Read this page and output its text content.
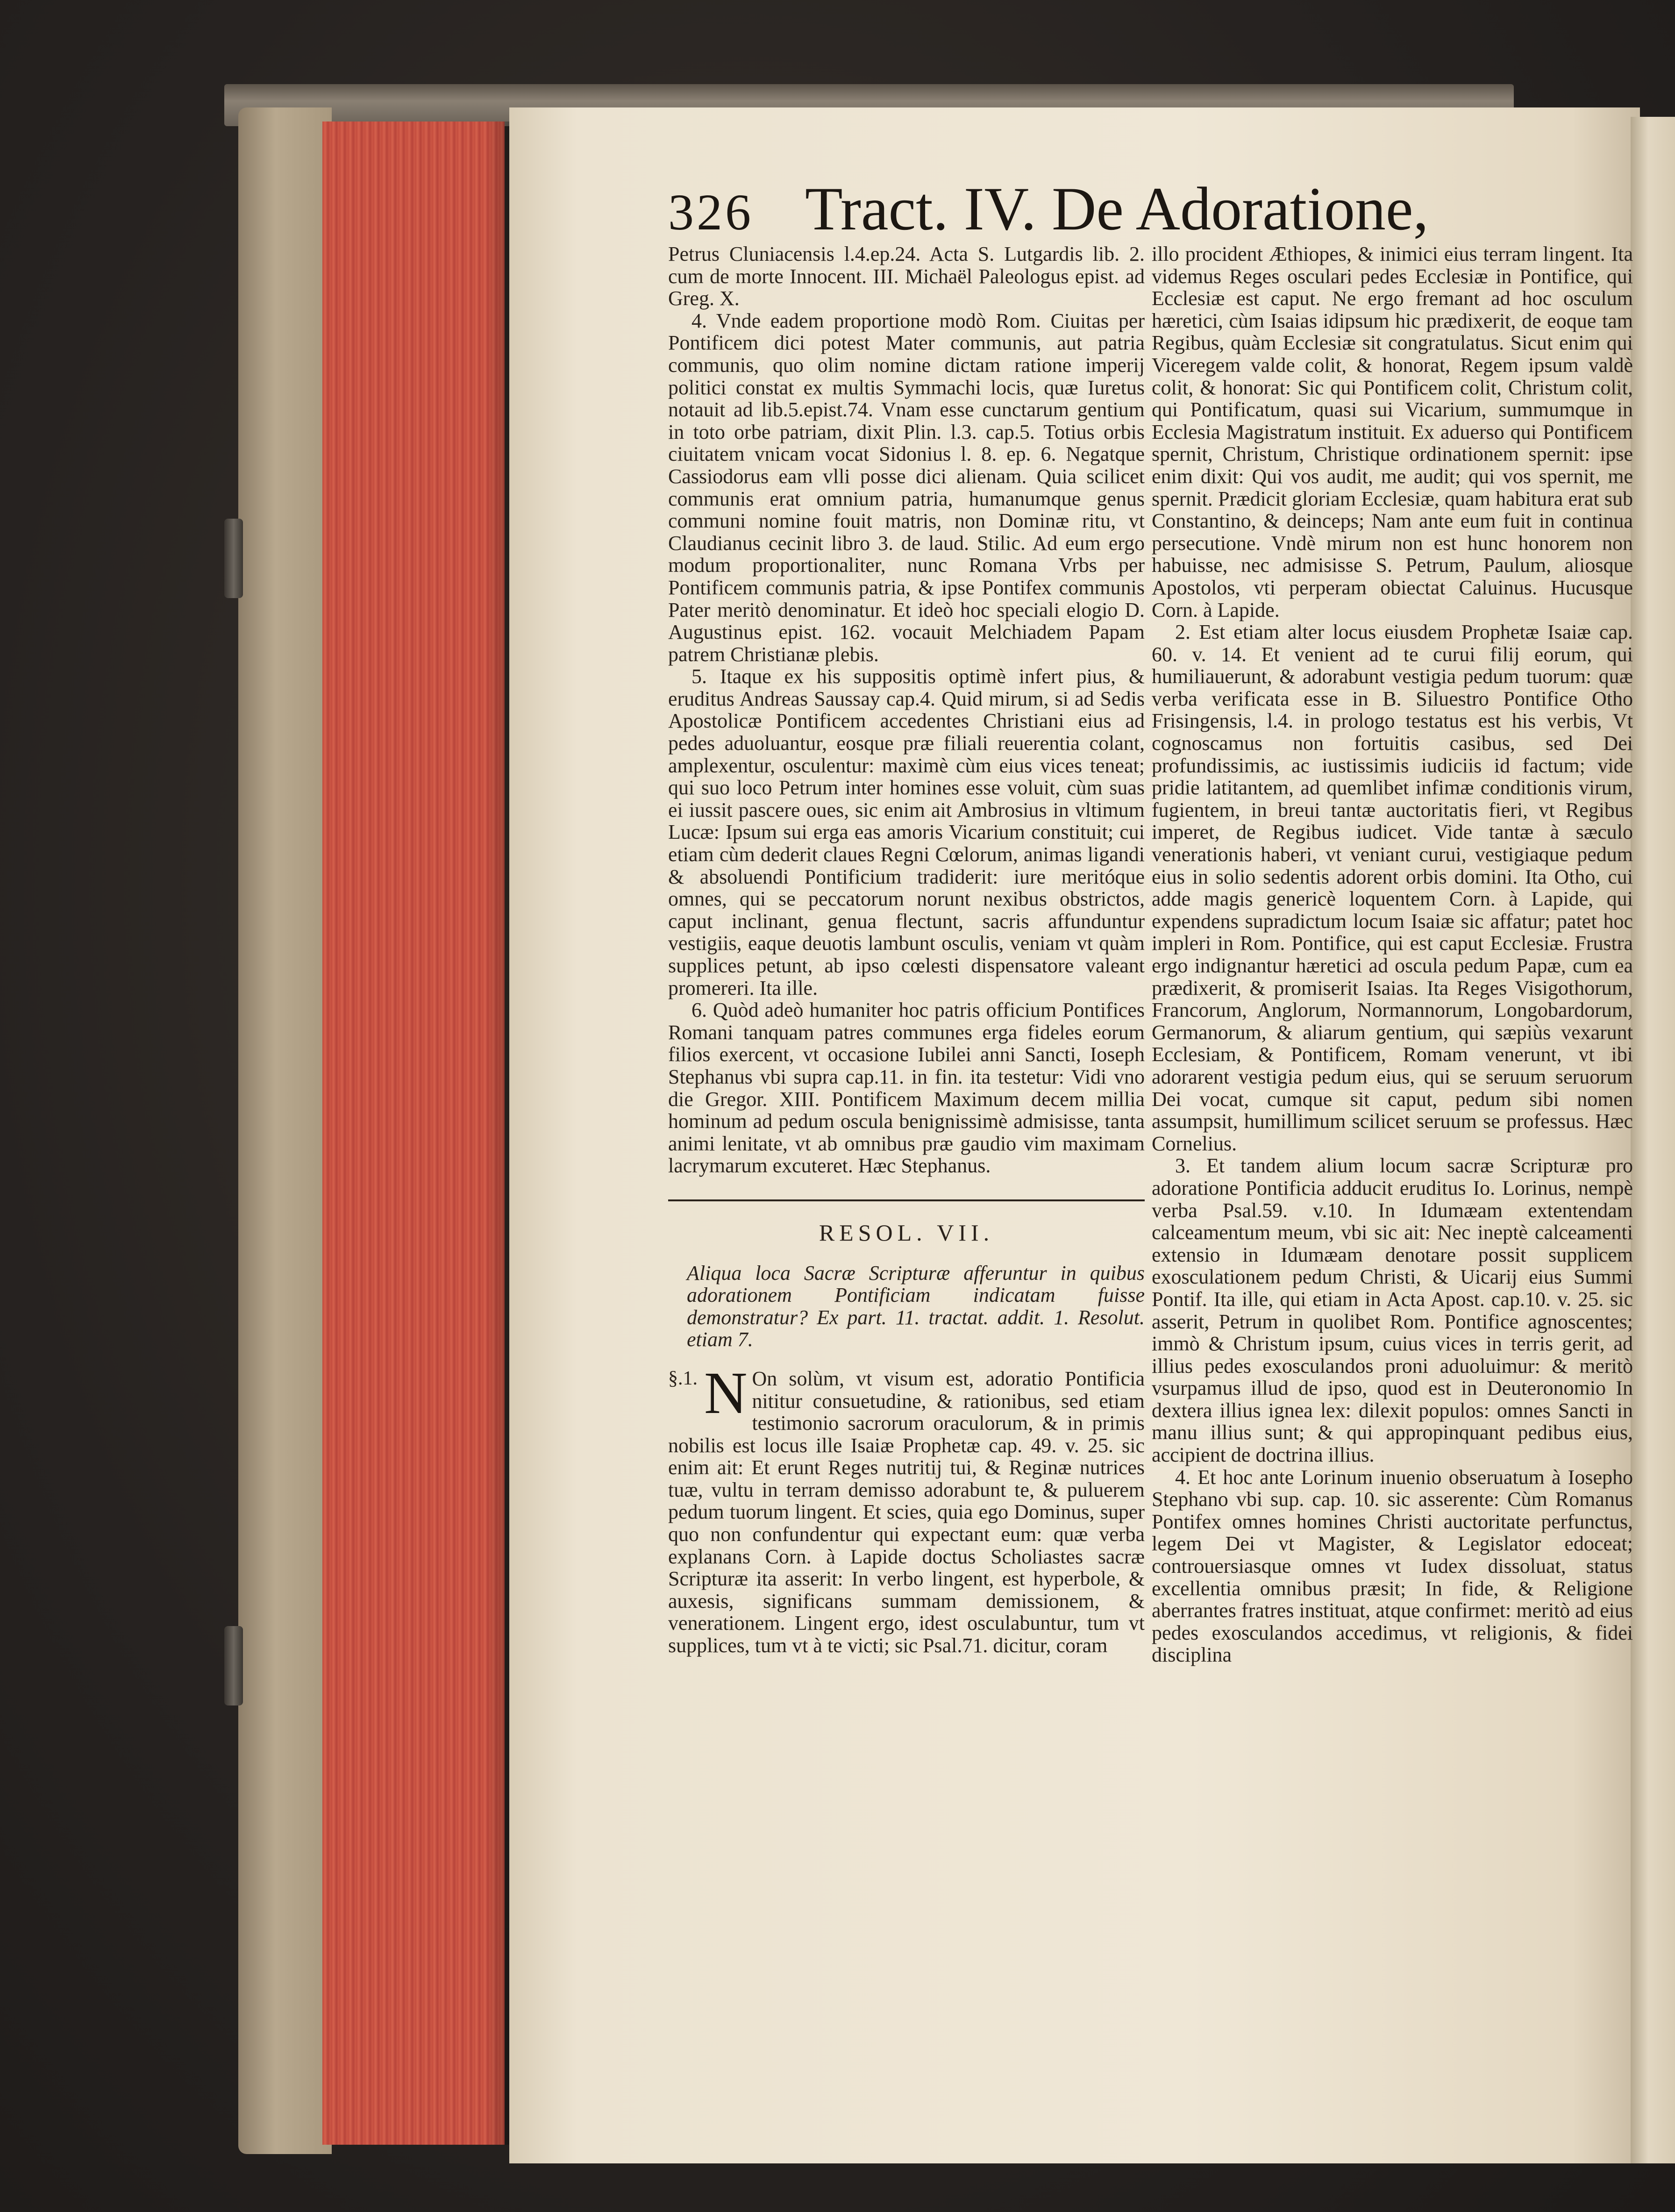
326 Tract. IV. De Adoratione,

Petrus Cluniacensis l.4.ep.24. Acta S. Lutgardis lib. 2. cum de morte Innocent. III. Michaël Paleologus epist. ad Greg. X.

4. Vnde eadem proportione modò Rom. Ciuitas per Pontificem dici potest Mater communis, aut patria communis, quo olim nomine dictam rationе imperij politici constat ex multis Symmachi locis, quæ Iuretus notauit ad lib.5.epist.74. Vnam esse cunctarum gentium in toto orbe patriam, dixit Plin. l.3. cap.5. Totius orbis ciuitatem vnicam vocat Sidonius l. 8. ep. 6. Negatque Cassiodorus eam vlli posse dici alienam. Quia scilicet communis erat omnium patria, humanumque genus communi nomine fouit matris, non Dominæ ritu, vt Claudianus cecinit libro 3. de laud. Stilic. Ad eum ergo modum proportionaliter, nunc Romana Vrbs per Pontificem communis patria, & ipse Pontifex communis Pater meritò denominatur. Et ideò hoc speciali elogio D. Augustinus epist. 162. vocauit Melchiadem Papam patrem Christianæ plebis.

5. Itaque ex his suppositis optimè infert pius, & eruditus Andreas Saussay cap.4. Quid mirum, si ad Sedis Apostolicæ Pontificem accedentes Christiani eius ad pedes aduoluantur, eosque præ filiali reuerentia colant, amplexentur, osculentur: maximè cùm eius vices teneat; qui suo loco Petrum inter homines esse voluit, cùm suas ei iussit pascere oues, sic enim ait Ambrosius in vltimum Lucæ: Ipsum sui erga eas amoris Vicarium constituit; cui etiam cùm dederit claues Regni Cœlorum, animas ligandi & absoluendi Pontificium tradiderit: iure meritóque omnes, qui se peccatorum norunt nexibus obstrictos, caput inclinant, genua flectunt, sacris affunduntur vestigiis, eaque deuotis lambunt osculis, veniam vt quàm supplices petunt, ab ipso cœlesti dispensatore valeant promereri. Ita ille.

6. Quòd adeò humaniter hoc patris officium Pontifices Romani tanquam patres communes erga fideles eorum filios exercent, vt occasione Iubilei anni Sancti, Ioseph Stephanus vbi supra cap.11. in fin. ita testetur: Vidi vno die Gregor. XIII. Pontificem Maximum decem millia hominum ad pedum oscula benignissimè admisisse, tanta animi lenitate, vt ab omnibus præ gaudio vim maximam lacrymarum excuteret. Hæc Stephanus.

RESOL. VII.

Aliqua loca Sacræ Scripturæ afferuntur in quibus adorationem Pontificiam indicatam fuisse demonstratur? Ex part. 11. tractat. addit. 1. Resolut. etiam 7.

§.1. N On solùm, vt visum est, adoratio Pontificia nititur consuetudine, & rationibus, sed etiam testimonio sacrorum oraculorum, & in primis nobilis est locus ille Isaiæ Prophetæ cap. 49. v. 25. sic enim ait: Et erunt Reges nutritij tui, & Reginæ nutrices tuæ, vultu in terram demisso adorabunt te, & puluerem pedum tuorum lingent. Et scies, quia ego Dominus, super quo non confundentur qui expectant eum: quæ verba explanans Corn. à Lapide doctus Scholiastes sacræ Scripturæ ita asserit: In verbo lingent, est hyperbole, & auxesis, significans summam demissionem, & venerationem. Lingent ergo, idest osculabuntur, tum vt supplices, tum vt à te victi; sic Psal.71. dicitur, coram

illo procident Æthiopes, & inimici eius terram lingent. Ita videmus Reges osculari pedes Ecclesiæ in Pontifice, qui Ecclesiæ est caput. Ne ergo fremant ad hoc osculum hæretici, cùm Isaias idipsum hic prædixerit, de eoque tam Regibus, quàm Ecclesiæ sit congratulatus. Sicut enim qui Viceregem valde colit, & honorat, Regem ipsum valdè colit, & honorat: Sic qui Pontificem colit, Christum colit, qui Pontificatum, quasi sui Vicarium, summumque in Ecclesia Magistratum instituit. Ex aduerso qui Pontificem spernit, Christum, Christique ordinationem spernit: ipse enim dixit: Qui vos audit, me audit; qui vos spernit, me spernit. Prædicit gloriam Ecclesiæ, quam habitura erat sub Constantino, & deinceps; Nam ante eum fuit in continua persecutione. Vndè mirum non est hunc honorem non habuisse, nec admisisse S. Petrum, Paulum, aliosque Apostolos, vti perperam obiectat Caluinus. Hucusque Corn. à Lapide.

2. Est etiam alter locus eiusdem Prophetæ Isaiæ cap. 60. v. 14. Et venient ad te curui filij eorum, qui humiliauerunt, & adorabunt vestigia pedum tuorum: quæ verba verificata esse in B. Siluestro Pontifice Otho Frisingensis, l.4. in prologo testatus est his verbis, Vt cognoscamus non fortuitis casibus, sed Dei profundissimis, ac iustissimis iudiciis id factum; vide pridie latitantem, ad quemlibet infimæ conditionis virum, fugientem, in breui tantæ auctoritatis fieri, vt Regibus imperet, de Regibus iudicet. Vide tantæ à sæculo venerationis haberi, vt veniant curui, vestigiaque pedum eius in solio sedentis adorent orbis domini. Ita Otho, cui adde magis genericè loquentem Corn. à Lapide, qui expendens supradictum locum Isaiæ sic affatur; patet hoc impleri in Rom. Pontifice, qui est caput Ecclesiæ. Frustra ergo indignantur hæretici ad oscula pedum Papæ, cum ea prædixerit, & promiserit Isaias. Ita Reges Visigothorum, Francorum, Anglorum, Normannorum, Longobardorum, Germanorum, & aliarum gentium, qui sæpiùs vexarunt Ecclesiam, & Pontificem, Romam venerunt, vt ibi adorarent vestigia pedum eius, qui se seruum seruorum Dei vocat, cumque sit caput, pedum sibi nomen assumpsit, humillimum scilicet seruum se professus. Hæc Cornelius.

3. Et tandem alium locum sacræ Scripturæ pro adoratione Pontificia adducit eruditus Io. Lorinus, nempè verba Psal.59. v.10. In Idumæam extentendam calceamentum meum, vbi sic ait: Nec ineptè calceamenti extensio in Idumæam denotare possit supplicem exosculationem pedum Christi, & Uicarij eius Summi Pontif. Ita ille, qui etiam in Acta Apost. cap.10. v. 25. sic asserit, Petrum in quolibet Rom. Pontifice agnoscentes; immò & Christum ipsum, cuius vices in terris gerit, ad illius pedes exosculandos proni aduoluimur: & meritò vsurpamus illud de ipso, quod est in Deuteronomio In dextera illius ignea lex: dilexit populos: omnes Sancti in manu illius sunt; & qui appropinquant pedibus eius, accipient de doctrina illius.

4. Et hoc ante Lorinum inuenio obseruatum à Iosepho Stephano vbi sup. cap. 10. sic asserente: Cùm Romanus Pontifex omnes homines Christi auctoritate perfunctus, legem Dei vt Magister, & Legislator edoceat; controuersiasque omnes vt Iudex dissoluat, status excellentia omnibus præsit; In fide, & Religione aberrantes fratres instituat, atque confirmet: meritò ad eius pedes exosculandos accedimus, vt religionis, & fidei disciplina
